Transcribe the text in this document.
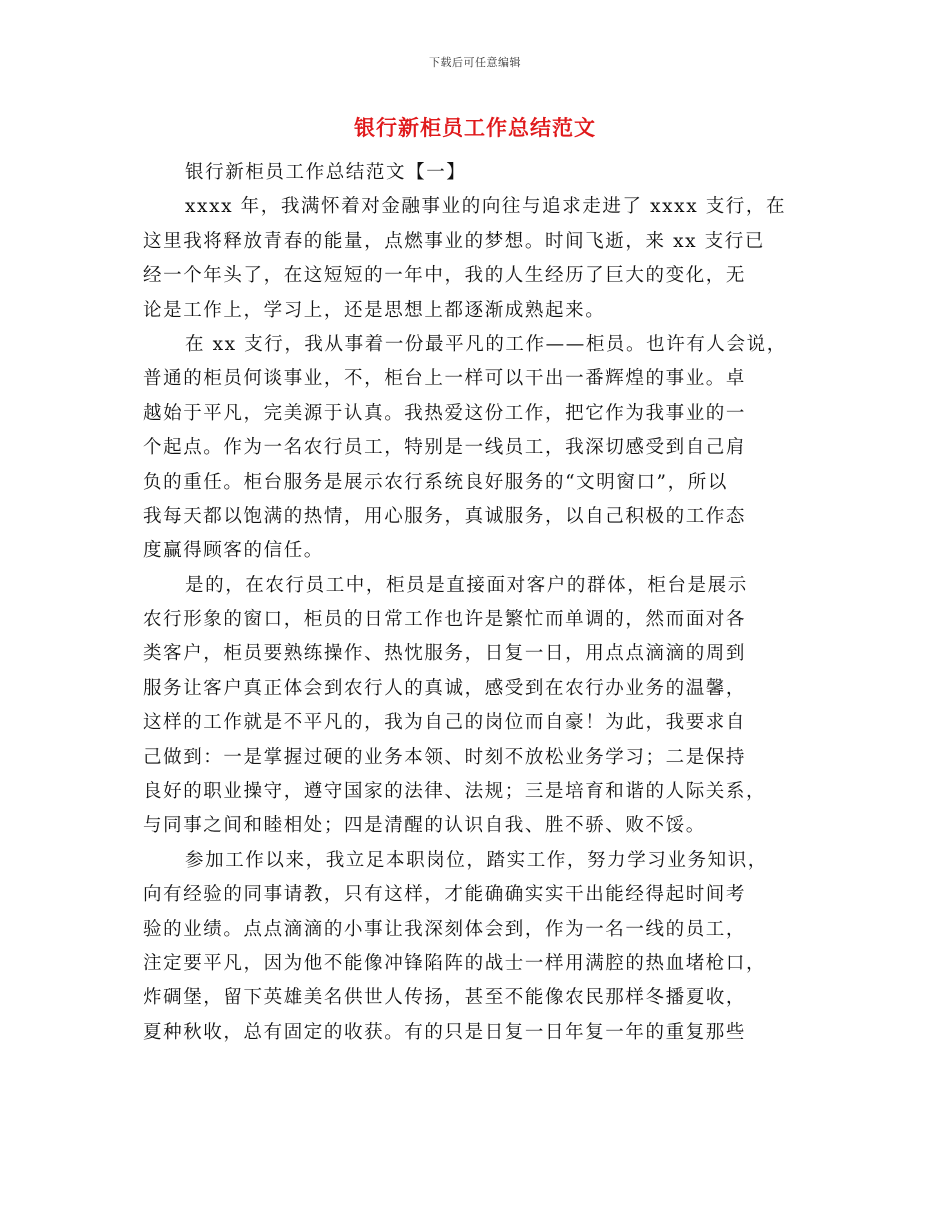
下载后可任意编辑
银行新柜员工作总结范文
银行新柜员工作总结范文【一】
xxxx 年，我满怀着对金融事业的向往与追求走进了 xxxx 支行，在
这里我将释放青春的能量，点燃事业的梦想。时间飞逝，来 xx 支行已
经一个年头了，在这短短的一年中，我的人生经历了巨大的变化，无
论是工作上，学习上，还是思想上都逐渐成熟起来。
在 xx 支行，我从事着一份最平凡的工作——柜员。也许有人会说，
普通的柜员何谈事业，不，柜台上一样可以干出一番辉煌的事业。卓
越始于平凡，完美源于认真。我热爱这份工作，把它作为我事业的一
个起点。作为一名农行员工，特别是一线员工，我深切感受到自己肩
负的重任。柜台服务是展示农行系统良好服务的“文明窗口”，所以
我每天都以饱满的热情，用心服务，真诚服务，以自己积极的工作态
度赢得顾客的信任。
是的，在农行员工中，柜员是直接面对客户的群体，柜台是展示
农行形象的窗口，柜员的日常工作也许是繁忙而单调的，然而面对各
类客户，柜员要熟练操作、热忱服务，日复一日，用点点滴滴的周到
服务让客户真正体会到农行人的真诚，感受到在农行办业务的温馨，
这样的工作就是不平凡的，我为自己的岗位而自豪！为此，我要求自
己做到：一是掌握过硬的业务本领、时刻不放松业务学习；二是保持
良好的职业操守，遵守国家的法律、法规；三是培育和谐的人际关系，
与同事之间和睦相处；四是清醒的认识自我、胜不骄、败不馁。
参加工作以来，我立足本职岗位，踏实工作，努力学习业务知识，
向有经验的同事请教，只有这样，才能确确实实干出能经得起时间考
验的业绩。点点滴滴的小事让我深刻体会到，作为一名一线的员工，
注定要平凡，因为他不能像冲锋陷阵的战士一样用满腔的热血堵枪口，
炸碉堡，留下英雄美名供世人传扬，甚至不能像农民那样冬播夏收，
夏种秋收，总有固定的收获。有的只是日复一日年复一年的重复那些
